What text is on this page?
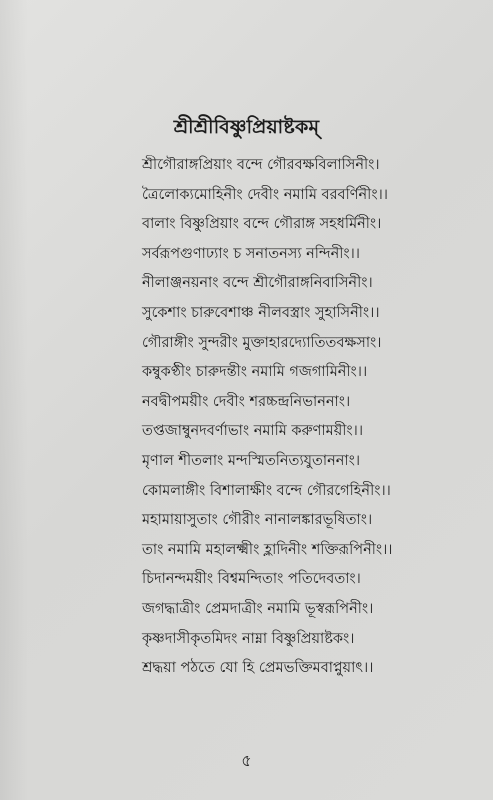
শ্রীশ্রীবিষ্ণুপ্রিয়াষ্টকম্
শ্রীগৌরাঙ্গপ্রিয়াং বন্দে গৌরবক্ষবিলাসিনীং।
ত্রৈলোক্যমোহিনীং দেবীং নমামি বরবর্ণিনীং।।
বালাং বিষ্ণুপ্রিয়াং বন্দে গৌরাঙ্গ সহধর্মিনীং।
সর্বরূপগুণাঢ্যাং চ সনাতনস্য নন্দিনীং।।
নীলাঞ্জনয়নাং বন্দে শ্রীগৌরাঙ্গনিবাসিনীং।
সুকেশাং চারুবেশাঞ্চ নীলবস্ত্রাং সুহাসিনীং।।
গৌরাঙ্গীং সুন্দরীং মুক্তাহারদ্যোতিতবক্ষসাং।
কম্বুকণ্ঠীং চারুদন্তীং নমামি গজগামিনীং।।
নবদ্বীপময়ীং দেবীং শরচ্চন্দ্রনিভাননাং।
তপ্তজাম্বুনদবর্ণাভাং নমামি করুণাময়ীং।।
মৃণাল শীতলাং মন্দস্মিতনিত্যযুতাননাং।
কোমলাঙ্গীং বিশালাক্ষীং বন্দে গৌরগেহিনীং।।
মহামায়াসুতাং গৌরীং নানালঙ্কারভূষিতাং।
তাং নমামি মহালক্ষ্মীং হ্লাদিনীং শক্তিরূপিনীং।।
চিদানন্দময়ীং বিশ্বমন্দিতাং পতিদেবতাং।
জগদ্ধাত্রীং প্রেমদাত্রীং নমামি ভূস্বরূপিনীং।
কৃষ্ণদাসীকৃতমিদং নাম্না বিষ্ণুপ্রিয়াষ্টকং।
শ্রদ্ধয়া পঠতে যো হি প্রেমভক্তিমবাপ্নুয়াৎ।।
৫
